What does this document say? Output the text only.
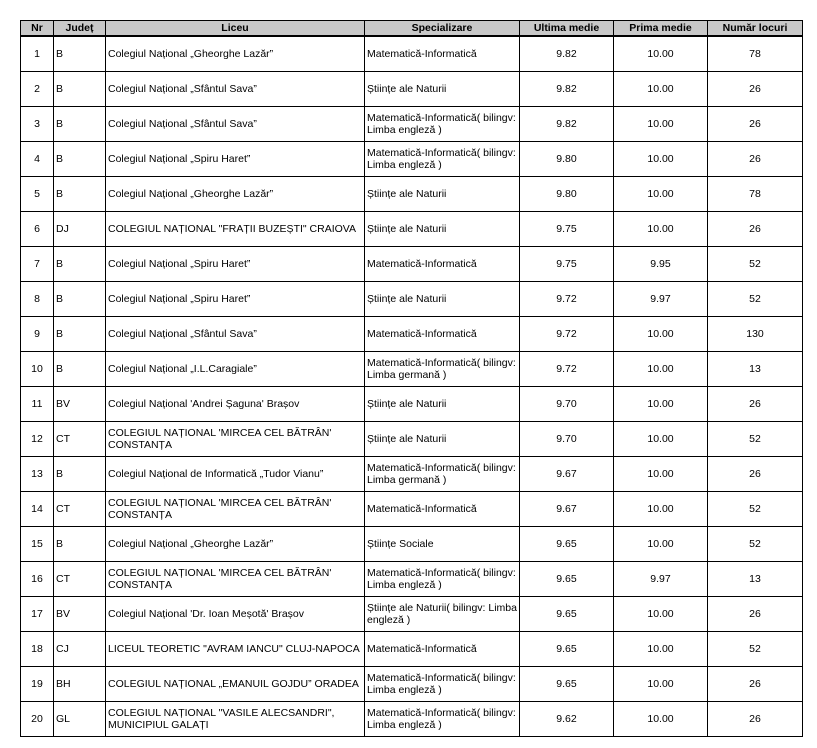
Nr	Județ	Liceu	Specializare	Ultima medie	Prima medie	Număr locuri
1	B	Colegiul Național „Gheorghe Lazăr”	Matematică-Informatică	9.82	10.00	78
2	B	Colegiul Național „Sfântul Sava”	Științe ale Naturii	9.82	10.00	26
3	B	Colegiul Național „Sfântul Sava”	Matematică-Informatică( bilingv: Limba engleză )	9.82	10.00	26
4	B	Colegiul Național „Spiru Haret”	Matematică-Informatică( bilingv: Limba engleză )	9.80	10.00	26
5	B	Colegiul Național „Gheorghe Lazăr”	Științe ale Naturii	9.80	10.00	78
6	DJ	COLEGIUL NAȚIONAL "FRAȚII BUZEȘTI" CRAIOVA	Științe ale Naturii	9.75	10.00	26
7	B	Colegiul Național „Spiru Haret”	Matematică-Informatică	9.75	9.95	52
8	B	Colegiul Național „Spiru Haret”	Științe ale Naturii	9.72	9.97	52
9	B	Colegiul Național „Sfântul Sava”	Matematică-Informatică	9.72	10.00	130
10	B	Colegiul Național „I.L.Caragiale”	Matematică-Informatică( bilingv: Limba germană )	9.72	10.00	13
11	BV	Colegiul Național 'Andrei Șaguna' Brașov	Științe ale Naturii	9.70	10.00	26
12	CT	COLEGIUL NAȚIONAL 'MIRCEA CEL BĂTRÂN' CONSTANȚA	Științe ale Naturii	9.70	10.00	52
13	B	Colegiul Național de Informatică „Tudor Vianu”	Matematică-Informatică( bilingv: Limba germană )	9.67	10.00	26
14	CT	COLEGIUL NAȚIONAL 'MIRCEA CEL BĂTRÂN' CONSTANȚA	Matematică-Informatică	9.67	10.00	52
15	B	Colegiul Național „Gheorghe Lazăr”	Științe Sociale	9.65	10.00	52
16	CT	COLEGIUL NAȚIONAL 'MIRCEA CEL BĂTRÂN' CONSTANȚA	Matematică-Informatică( bilingv: Limba engleză )	9.65	9.97	13
17	BV	Colegiul Național 'Dr. Ioan Meșotă' Brașov	Științe ale Naturii( bilingv: Limba engleză )	9.65	10.00	26
18	CJ	LICEUL TEORETIC "AVRAM IANCU" CLUJ-NAPOCA	Matematică-Informatică	9.65	10.00	52
19	BH	COLEGIUL NAȚIONAL „EMANUIL GOJDU” ORADEA	Matematică-Informatică( bilingv: Limba engleză )	9.65	10.00	26
20	GL	COLEGIUL NAȚIONAL "VASILE ALECSANDRI", MUNICIPIUL GALAȚI	Matematică-Informatică( bilingv: Limba engleză )	9.62	10.00	26
